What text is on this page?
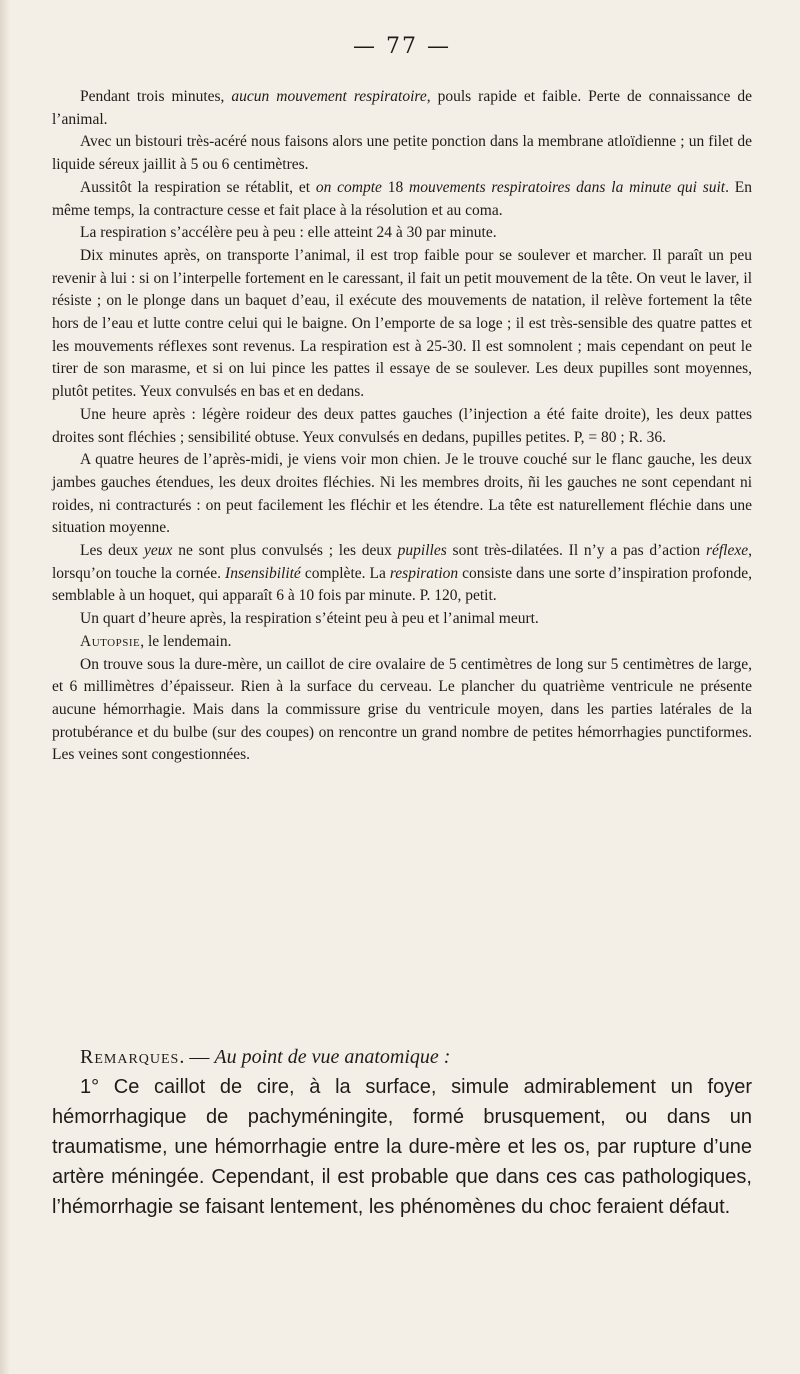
— 77 —

Pendant trois minutes, aucun mouvement respiratoire, pouls rapide et faible. Perte de connaissance de l’animal.

Avec un bistouri très-acéré nous faisons alors une petite ponction dans la membrane atloïdienne ; un filet de liquide séreux jaillit à 5 ou 6 centimètres.

Aussitôt la respiration se rétablit, et on compte 18 mouvements respiratoires dans la minute qui suit. En même temps, la contracture cesse et fait place à la résolution et au coma.

La respiration s’accélère peu à peu : elle atteint 24 à 30 par minute.

Dix minutes après, on transporte l’animal, il est trop faible pour se soulever et marcher. Il paraît un peu revenir à lui : si on l’interpelle fortement en le caressant, il fait un petit mouvement de la tête. On veut le laver, il résiste ; on le plonge dans un baquet d’eau, il exécute des mouvements de natation, il relève fortement la tête hors de l’eau et lutte contre celui qui le baigne. On l’emporte de sa loge ; il est très-sensible des quatre pattes et les mouvements réflexes sont revenus. La respiration est à 25-30. Il est somnolent ; mais cependant on peut le tirer de son marasme, et si on lui pince les pattes il essaye de se soulever. Les deux pupilles sont moyennes, plutôt petites. Yeux convulsés en bas et en dedans.

Une heure après : légère roideur des deux pattes gauches (l’injection a été faite droite), les deux pattes droites sont fléchies ; sensibilité obtuse. Yeux convulsés en dedans, pupilles petites. P, = 80 ; R. 36.

A quatre heures de l’après-midi, je viens voir mon chien. Je le trouve couché sur le flanc gauche, les deux jambes gauches étendues, les deux droites fléchies. Ni les membres droits, ñi les gauches ne sont cependant ni roides, ni contracturés : on peut facilement les fléchir et les étendre. La tête est naturellement fléchie dans une situation moyenne.

Les deux yeux ne sont plus convulsés ; les deux pupilles sont très-dilatées. Il n’y a pas d’action réflexe, lorsqu’on touche la cornée. Insensibilité complète. La respiration consiste dans une sorte d’inspiration profonde, semblable à un hoquet, qui apparaît 6 à 10 fois par minute. P. 120, petit.

Un quart d’heure après, la respiration s’éteint peu à peu et l’animal meurt.

Autopsie, le lendemain.

On trouve sous la dure-mère, un caillot de cire ovalaire de 5 centimètres de long sur 5 centimètres de large, et 6 millimètres d’épaisseur. Rien à la surface du cerveau. Le plancher du quatrième ventricule ne présente aucune hémorrhagie. Mais dans la commissure grise du ventricule moyen, dans les parties latérales de la protubérance et du bulbe (sur des coupes) on rencontre un grand nombre de petites hémorrhagies punctiformes. Les veines sont congestionnées.

Remarques. — Au point de vue anatomique :

1° Ce caillot de cire, à la surface, simule admirablement un foyer hémorrhagique de pachyméningite, formé brusquement, ou dans un traumatisme, une hémorrhagie entre la dure-mère et les os, par rupture d’une artère méningée. Cependant, il est probable que dans ces cas pathologiques, l’hémorrhagie se faisant lentement, les phénomènes du choc feraient défaut.
